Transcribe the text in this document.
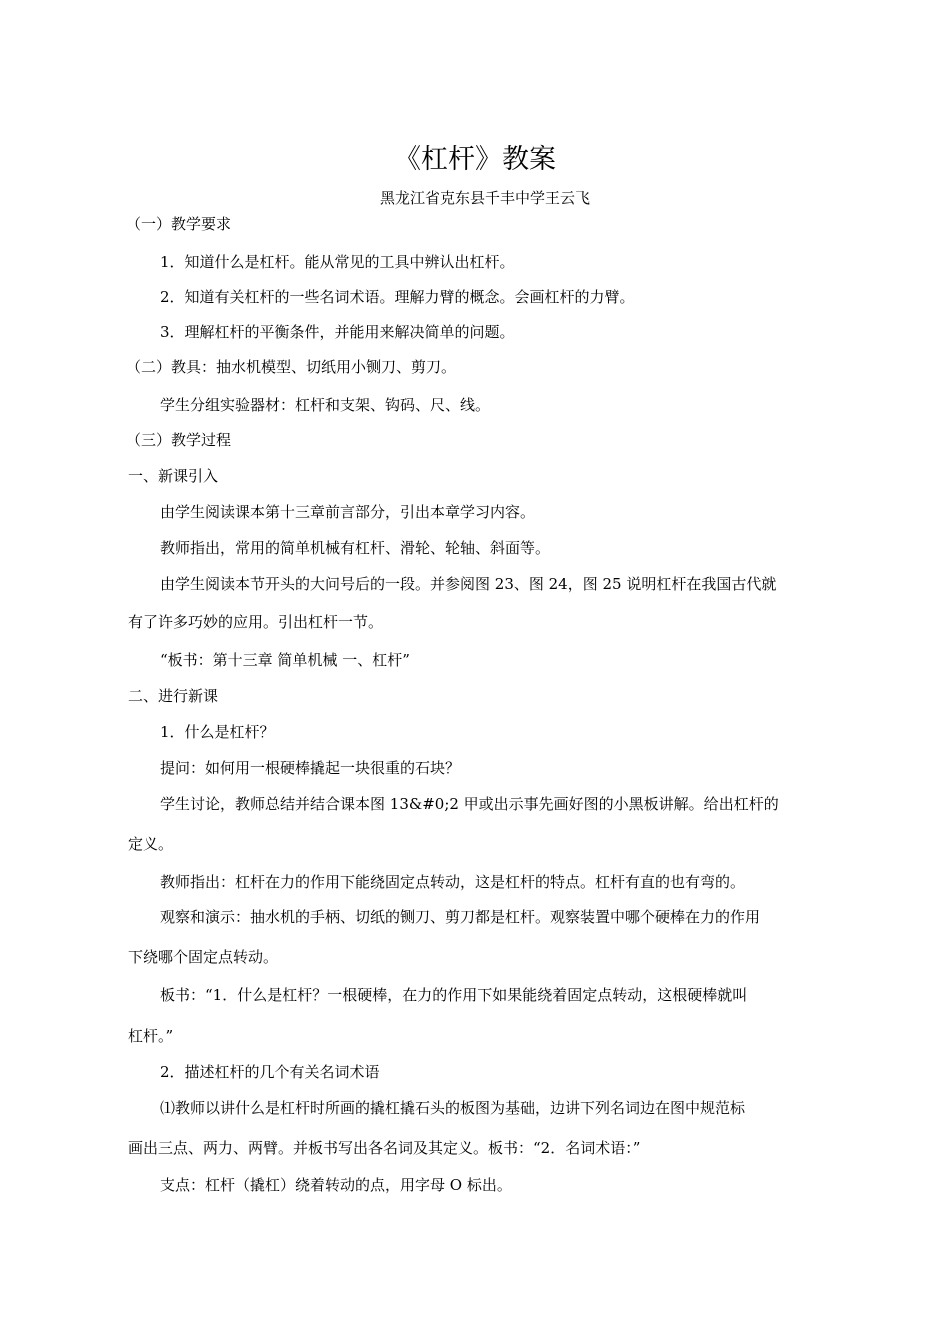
《杠杆》教案
黑龙江省克东县千丰中学王云飞
（一）教学要求
1．知道什么是杠杆。能从常见的工具中辨认出杠杆。
2．知道有关杠杆的一些名词术语。理解力臂的概念。会画杠杆的力臂。
3．理解杠杆的平衡条件，并能用来解决简单的问题。
（二）教具：抽水机模型、切纸用小铡刀、剪刀。
学生分组实验器材：杠杆和支架、钩码、尺、线。
（三）教学过程
一、新课引入
由学生阅读课本第十三章前言部分，引出本章学习内容。
教师指出，常用的简单机械有杠杆、滑轮、轮轴、斜面等。
由学生阅读本节开头的大问号后的一段。并参阅图 23、图 24，图 25 说明杠杆在我国古代就
有了许多巧妙的应用。引出杠杆一节。
“板书：第十三章 简单机械 一、杠杆”
二、进行新课
1．什么是杠杆？
提问：如何用一根硬棒撬起一块很重的石块？
学生讨论，教师总结并结合课本图 13&#0;2 甲或出示事先画好图的小黑板讲解。给出杠杆的
定义。
教师指出：杠杆在力的作用下能绕固定点转动，这是杠杆的特点。杠杆有直的也有弯的。
观察和演示：抽水机的手柄、切纸的铡刀、剪刀都是杠杆。观察装置中哪个硬棒在力的作用
下绕哪个固定点转动。
板书：“1．什么是杠杆？一根硬棒，在力的作用下如果能绕着固定点转动，这根硬棒就叫
杠杆。”
2．描述杠杆的几个有关名词术语
⑴教师以讲什么是杠杆时所画的撬杠撬石头的板图为基础，边讲下列名词边在图中规范标
画出三点、两力、两臂。并板书写出各名词及其定义。板书：“2．名词术语：”
支点：杠杆（撬杠）绕着转动的点，用字母 O 标出。
